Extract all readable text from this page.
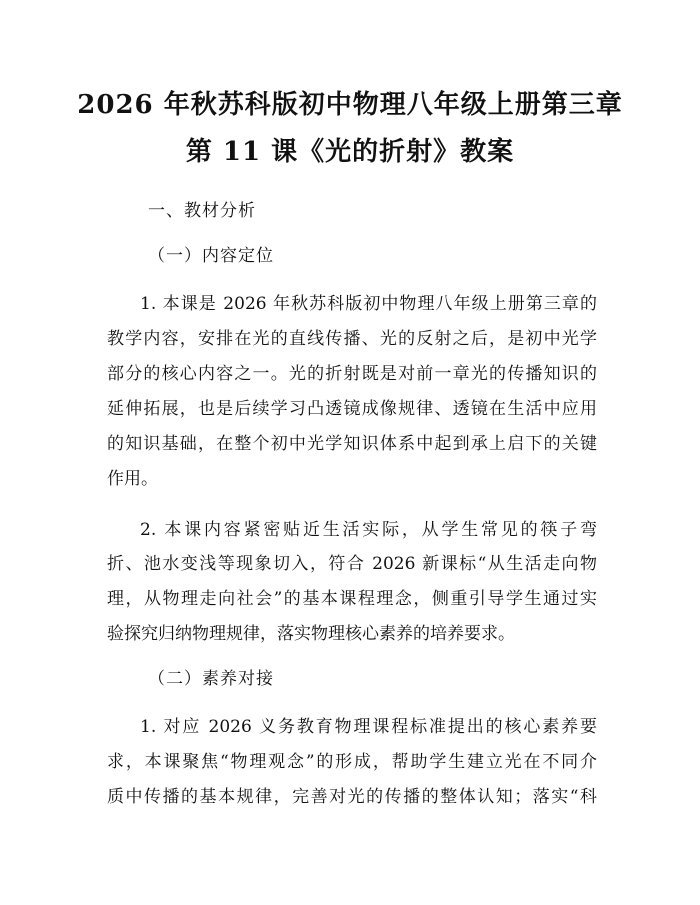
2026 年秋苏科版初中物理八年级上册第三章
第 11 课《光的折射》教案
一、教材分析
（一）内容定位
1. 本课是 2026 年秋苏科版初中物理八年级上册第三章的
教学内容，安排在光的直线传播、光的反射之后，是初中光学
部分的核心内容之一。光的折射既是对前一章光的传播知识的
延伸拓展，也是后续学习凸透镜成像规律、透镜在生活中应用
的知识基础，在整个初中光学知识体系中起到承上启下的关键
作用。
2. 本课内容紧密贴近生活实际，从学生常见的筷子弯
折、池水变浅等现象切入，符合 2026 新课标“从生活走向物
理，从物理走向社会”的基本课程理念，侧重引导学生通过实
验探究归纳物理规律，落实物理核心素养的培养要求。
（二）素养对接
1. 对应 2026 义务教育物理课程标准提出的核心素养要
求，本课聚焦“物理观念”的形成，帮助学生建立光在不同介
质中传播的基本规律，完善对光的传播的整体认知；落实“科
